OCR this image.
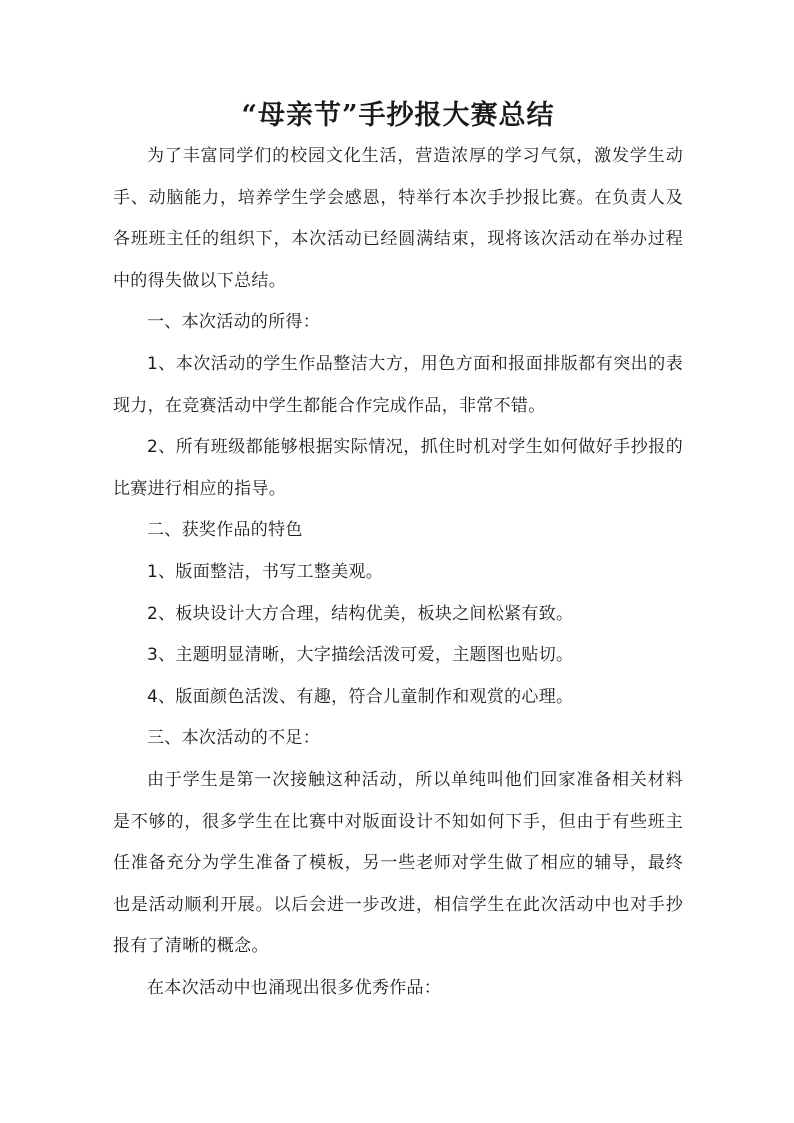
“母亲节”手抄报大赛总结

为了丰富同学们的校园文化生活，营造浓厚的学习气氛，激发学生动手、动脑能力，培养学生学会感恩，特举行本次手抄报比赛。在负责人及各班班主任的组织下，本次活动已经圆满结束，现将该次活动在举办过程中的得失做以下总结。

一、本次活动的所得：

1、本次活动的学生作品整洁大方，用色方面和报面排版都有突出的表现力，在竞赛活动中学生都能合作完成作品，非常不错。

2、所有班级都能够根据实际情况，抓住时机对学生如何做好手抄报的比赛进行相应的指导。

二、获奖作品的特色

1、版面整洁，书写工整美观。

2、板块设计大方合理，结构优美，板块之间松紧有致。

3、主题明显清晰，大字描绘活泼可爱，主题图也贴切。

4、版面颜色活泼、有趣，符合儿童制作和观赏的心理。

三、本次活动的不足：

由于学生是第一次接触这种活动，所以单纯叫他们回家准备相关材料是不够的，很多学生在比赛中对版面设计不知如何下手，但由于有些班主任准备充分为学生准备了模板，另一些老师对学生做了相应的辅导，最终也是活动顺利开展。以后会进一步改进，相信学生在此次活动中也对手抄报有了清晰的概念。

在本次活动中也涌现出很多优秀作品：
